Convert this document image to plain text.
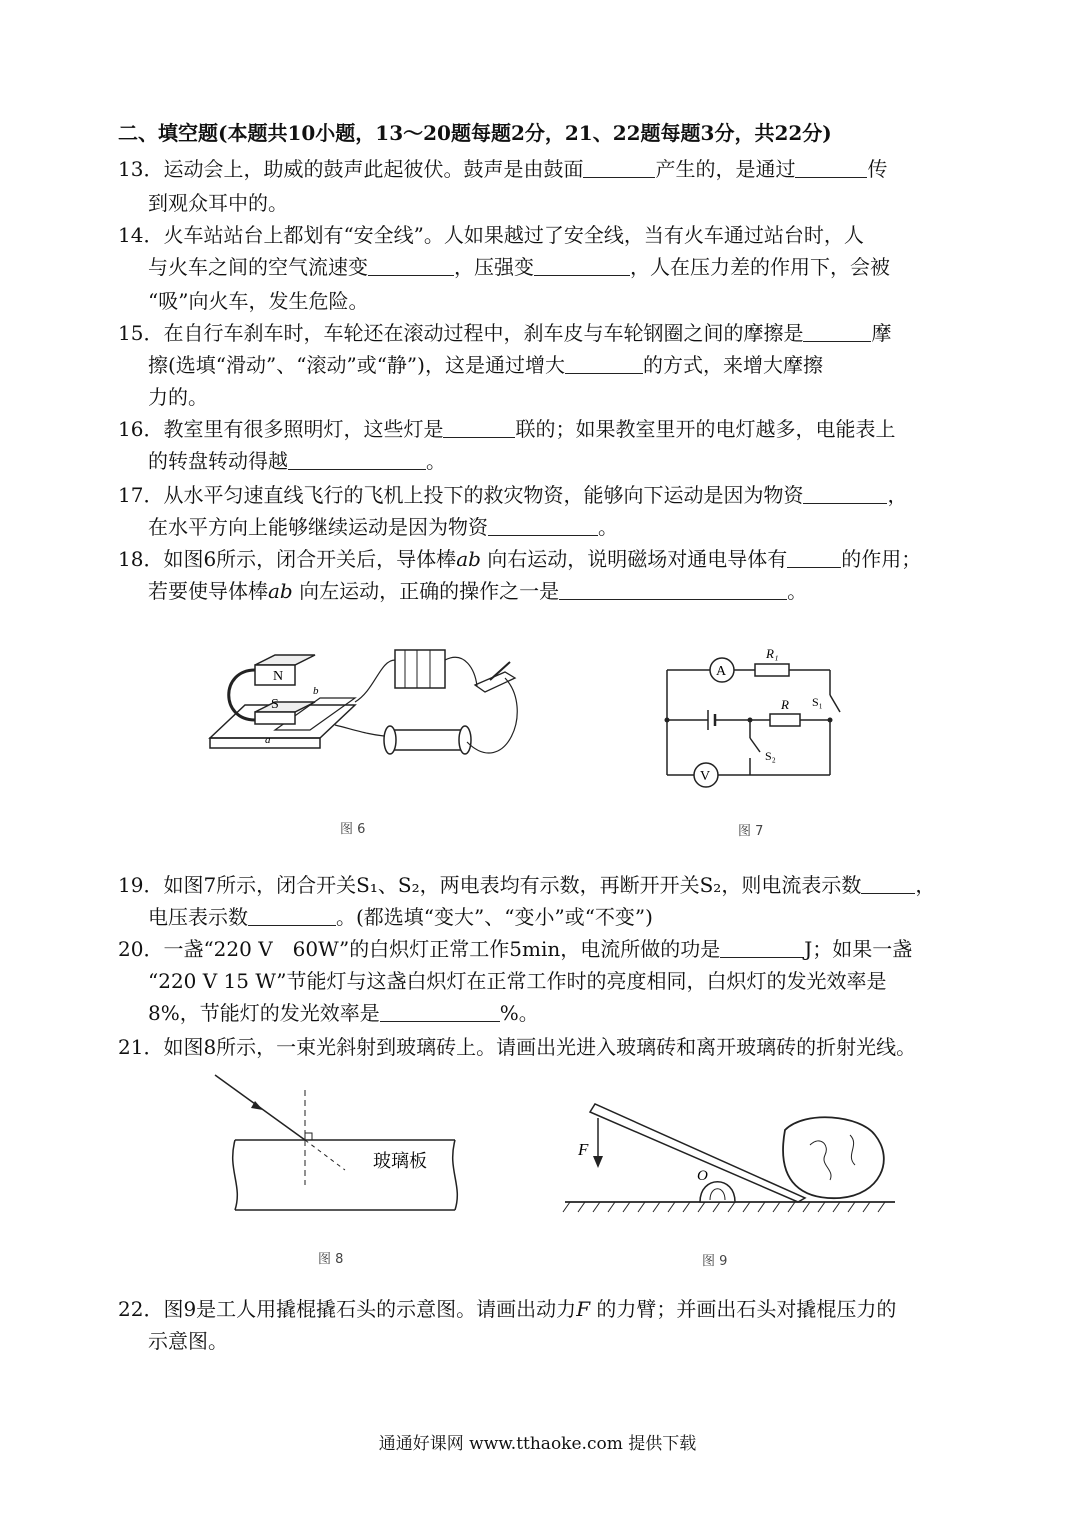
二、填空题(本题共10小题，13～20题每题2分，21、22题每题3分，共22分)
13．运动会上，助威的鼓声此起彼伏。鼓声是由鼓面	产生的，是通过	传
到观众耳中的。
14．火车站站台上都划有“安全线”。人如果越过了安全线，当有火车通过站台时，人
与火车之间的空气流速变	，压强变	，人在压力差的作用下，会被
“吸”向火车，发生危险。
15．在自行车刹车时，车轮还在滚动过程中，刹车皮与车轮钢圈之间的摩擦是	摩
擦(选填“滑动”、“滚动”或“静”)，这是通过增大	的方式，来增大摩擦
力的。
16．教室里有很多照明灯，这些灯是	联的；如果教室里开的电灯越多，电能表上
的转盘转动得越	。
17．从水平匀速直线飞行的飞机上投下的救灾物资，能够向下运动是因为物资	，
在水平方向上能够继续运动是因为物资	。
18．如图6所示，闭合开关后，导体棒ab 向右运动，说明磁场对通电导体有	的作用；
若要使导体棒ab 向左运动，正确的操作之一是	。
N
S
b
a
图 6
A
R₁
S₁
R
S₂
V
图 7
19．如图7所示，闭合开关S₁、S₂，两电表均有示数，再断开开关S₂，则电流表示数	，
电压表示数	。(都选填“变大”、“变小”或“不变”)
20．一盏“220 V　60W”的白炽灯正常工作5min，电流所做的功是	J；如果一盏
“220 V 15 W”节能灯与这盏白炽灯在正常工作时的亮度相同，白炽灯的发光效率是
8%，节能灯的发光效率是	%。
21．如图8所示，一束光斜射到玻璃砖上。请画出光进入玻璃砖和离开玻璃砖的折射光线。
玻璃板
图 8
O
F
图 9
22．图9是工人用撬棍撬石头的示意图。请画出动力F 的力臂；并画出石头对撬棍压力的
示意图。
通通好课网 www.tthaoke.com 提供下载
